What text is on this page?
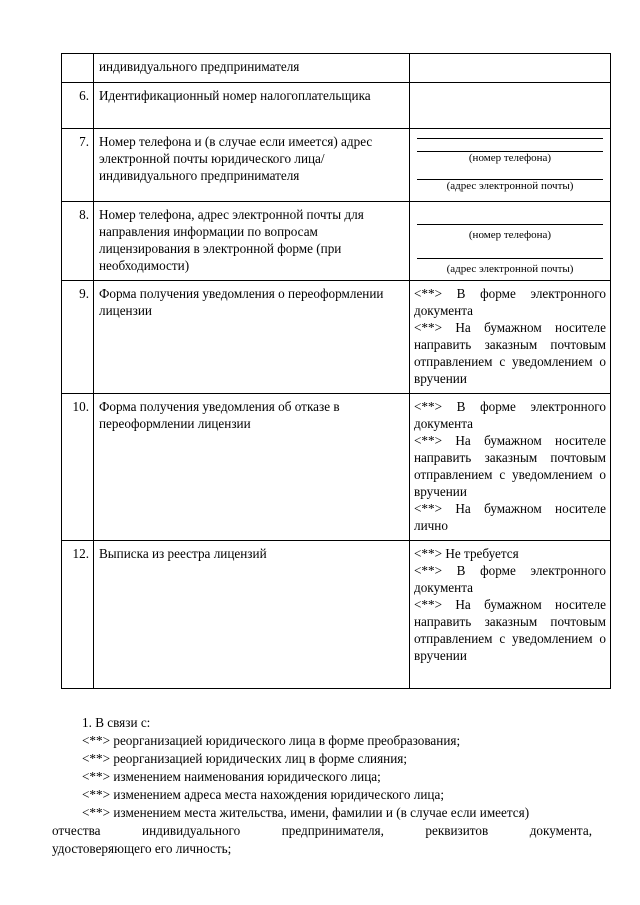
	индивидуального предпринимателя	
6.	Идентификационный номер налогоплательщика	
7.	Номер телефона и (в случае если имеется) адрес электронной почты юридического лица/индивидуального предпринимателя	(номер телефона)
(адрес электронной почты)

8.	Номер телефона, адрес электронной почты для направления информации по вопросам лицензирования в электронной форме (при необходимости)	(номер телефона)
(адрес электронной почты)

9.	Форма получения уведомления о переоформлении лицензии	<**> В форме электронного документа

<**> На бумажном носителе направить заказным почтовым отправлением с уведомлением о вручении

10.	Форма получения уведомления об отказе в переоформлении лицензии	<**> В форме электронного документа

<**> На бумажном носителе направить заказным почтовым отправлением с уведомлением о вручении

<**> На бумажном носителе лично

12.	Выписка из реестра лицензий	<**> Не требуется

<**> В форме электронного документа

<**> На бумажном носителе направить заказным почтовым отправлением с уведомлением о вручении

1. В связи с:

<**> реорганизацией юридического лица в форме преобразования;

<**> реорганизацией юридических лиц в форме слияния;

<**> изменением наименования юридического лица;

<**> изменением адреса места нахождения юридического лица;

<**> изменением места жительства, имени, фамилии и (в случае если имеется)

отчества индивидуального предпринимателя, реквизитов документа,

удостоверяющего его личность;
